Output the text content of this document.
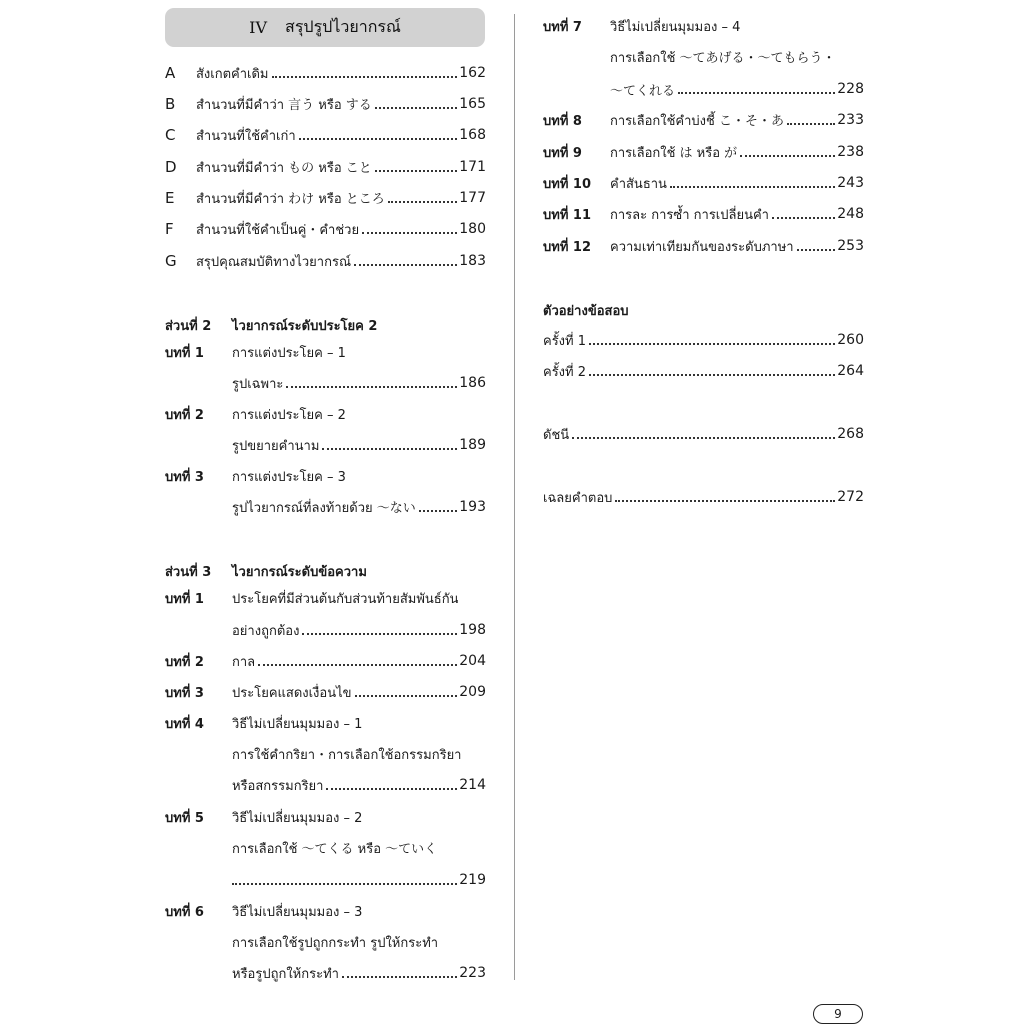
IV สรุปรูปไวยากรณ์
A	สังเกตคำเดิม	162
B	สำนวนที่มีคำว่า 言う หรือ する	165
C	สำนวนที่ใช้คำเก่า	168
D	สำนวนที่มีคำว่า もの หรือ こと	171
E	สำนวนที่มีคำว่า わけ หรือ ところ	177
F	สำนวนที่ใช้คำเป็นคู่・คำช่วย	180
G	สรุปคุณสมบัติทางไวยากรณ์	183
ส่วนที่ 2	ไวยากรณ์ระดับประโยค 2
บทที่ 1	การแต่งประโยค – 1
รูปเฉพาะ	186
บทที่ 2	การแต่งประโยค – 2
รูปขยายคำนาม	189
บทที่ 3	การแต่งประโยค – 3
รูปไวยากรณ์ที่ลงท้ายด้วย 〜ない	193
ส่วนที่ 3	ไวยากรณ์ระดับข้อความ
บทที่ 1	ประโยคที่มีส่วนต้นกับส่วนท้ายสัมพันธ์กัน
อย่างถูกต้อง	198
บทที่ 2	กาล	204
บทที่ 3	ประโยคแสดงเงื่อนไข	209
บทที่ 4	วิธีไม่เปลี่ยนมุมมอง – 1
การใช้คำกริยา・การเลือกใช้อกรรมกริยา
หรือสกรรมกริยา	214
บทที่ 5	วิธีไม่เปลี่ยนมุมมอง – 2
การเลือกใช้ 〜てくる หรือ 〜ていく
219
บทที่ 6	วิธีไม่เปลี่ยนมุมมอง – 3
การเลือกใช้รูปถูกกระทำ รูปให้กระทำ
หรือรูปถูกให้กระทำ	223
บทที่ 7	วิธีไม่เปลี่ยนมุมมอง – 4
การเลือกใช้ 〜てあげる・〜てもらう・
〜てくれる	228
บทที่ 8	การเลือกใช้คำบ่งชี้ こ・そ・あ	233
บทที่ 9	การเลือกใช้ は หรือ が	238
บทที่ 10	คำสันธาน	243
บทที่ 11	การละ การซ้ำ การเปลี่ยนคำ	248
บทที่ 12	ความเท่าเทียมกันของระดับภาษา	253
ตัวอย่างข้อสอบ
ครั้งที่ 1	260
ครั้งที่ 2	264
ดัชนี	268
เฉลยคำตอบ	272
9
